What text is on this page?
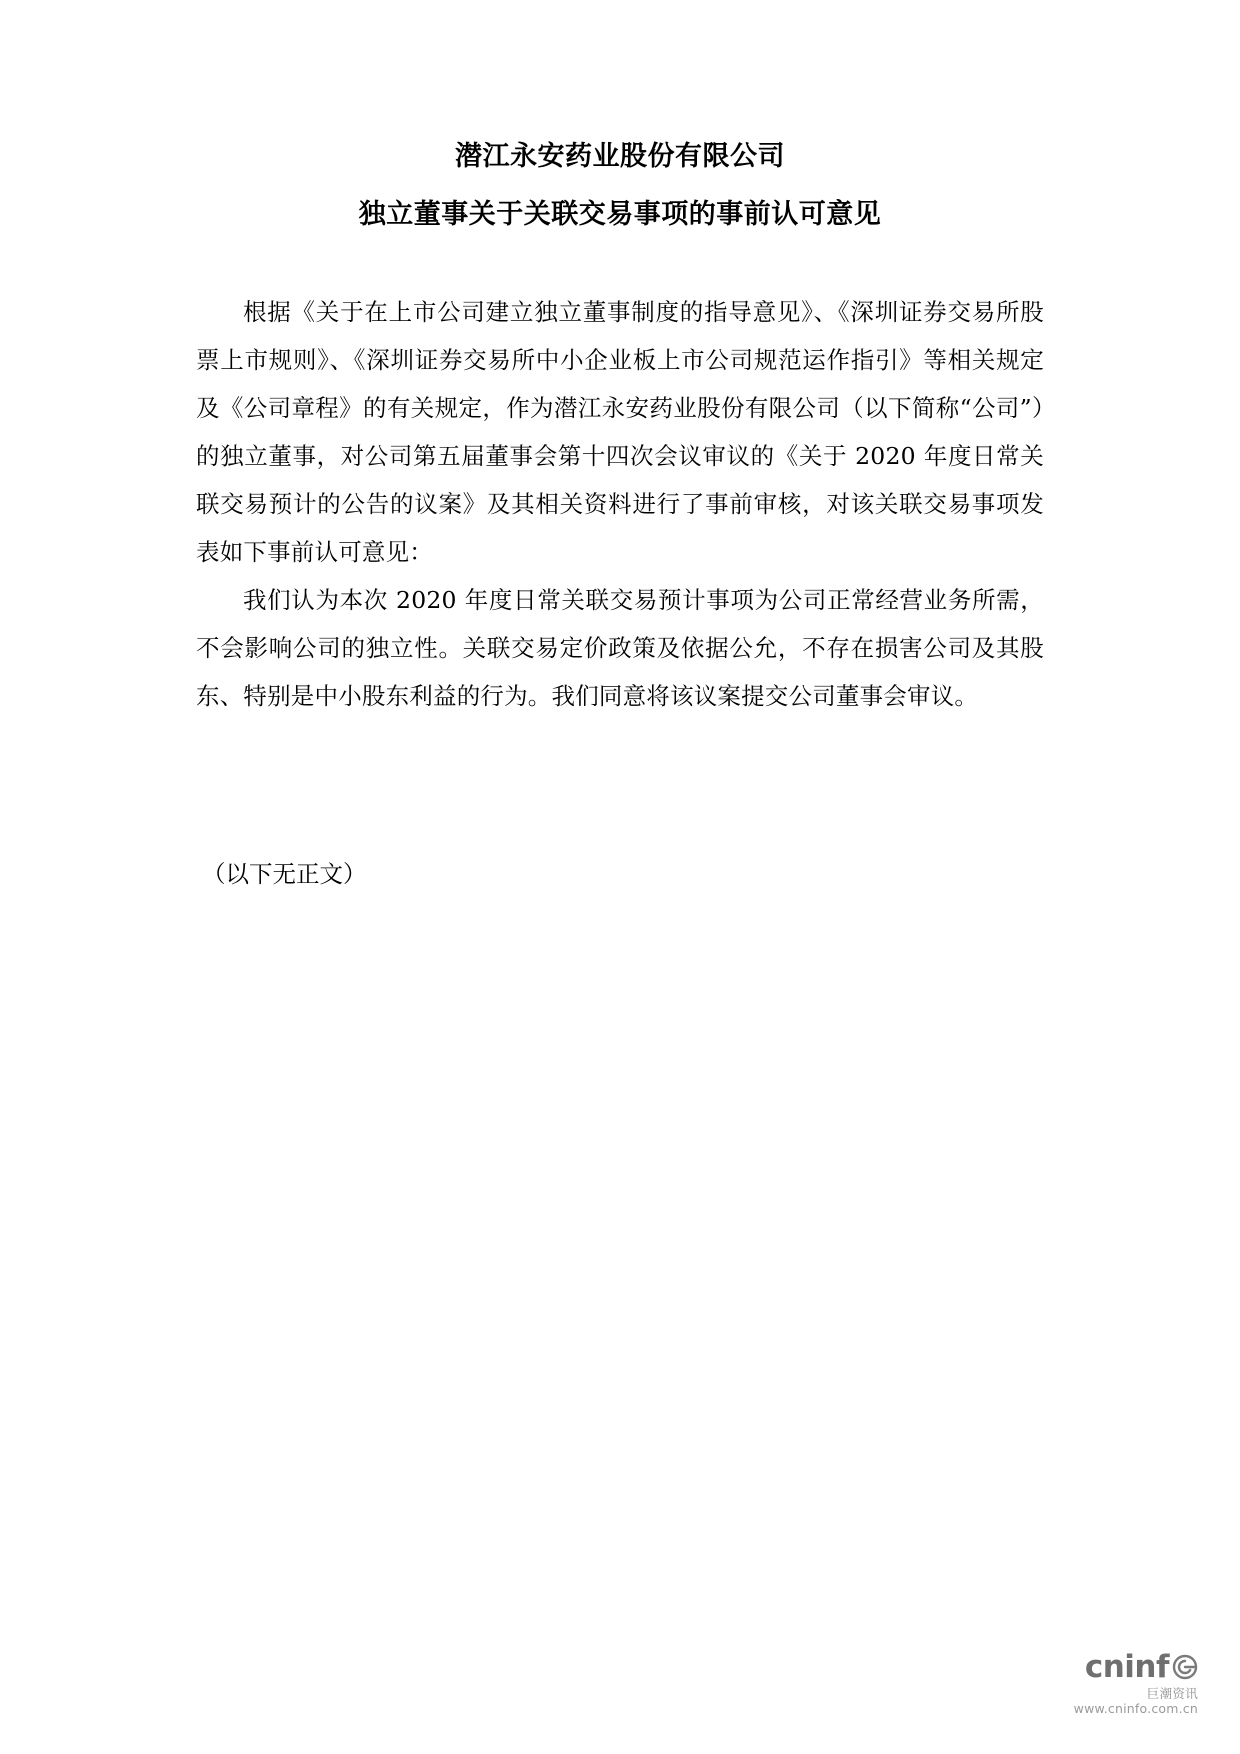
潜江永安药业股份有限公司
独立董事关于关联交易事项的事前认可意见

根据《关于在上市公司建立独立董事制度的指导意见》、《深圳证券交易所股票上市规则》、《深圳证券交易所中小企业板上市公司规范运作指引》等相关规定及《公司章程》的有关规定，作为潜江永安药业股份有限公司（以下简称“公司”）的独立董事，对公司第五届董事会第十四次会议审议的《关于 2020 年度日常关联交易预计的公告的议案》及其相关资料进行了事前审核，对该关联交易事项发表如下事前认可意见：

我们认为本次 2020 年度日常关联交易预计事项为公司正常经营业务所需，不会影响公司的独立性。关联交易定价政策及依据公允，不存在损害公司及其股东、特别是中小股东利益的行为。我们同意将该议案提交公司董事会审议。

（以下无正文）
cninf
巨潮资讯
www.cninfo.com.cn
